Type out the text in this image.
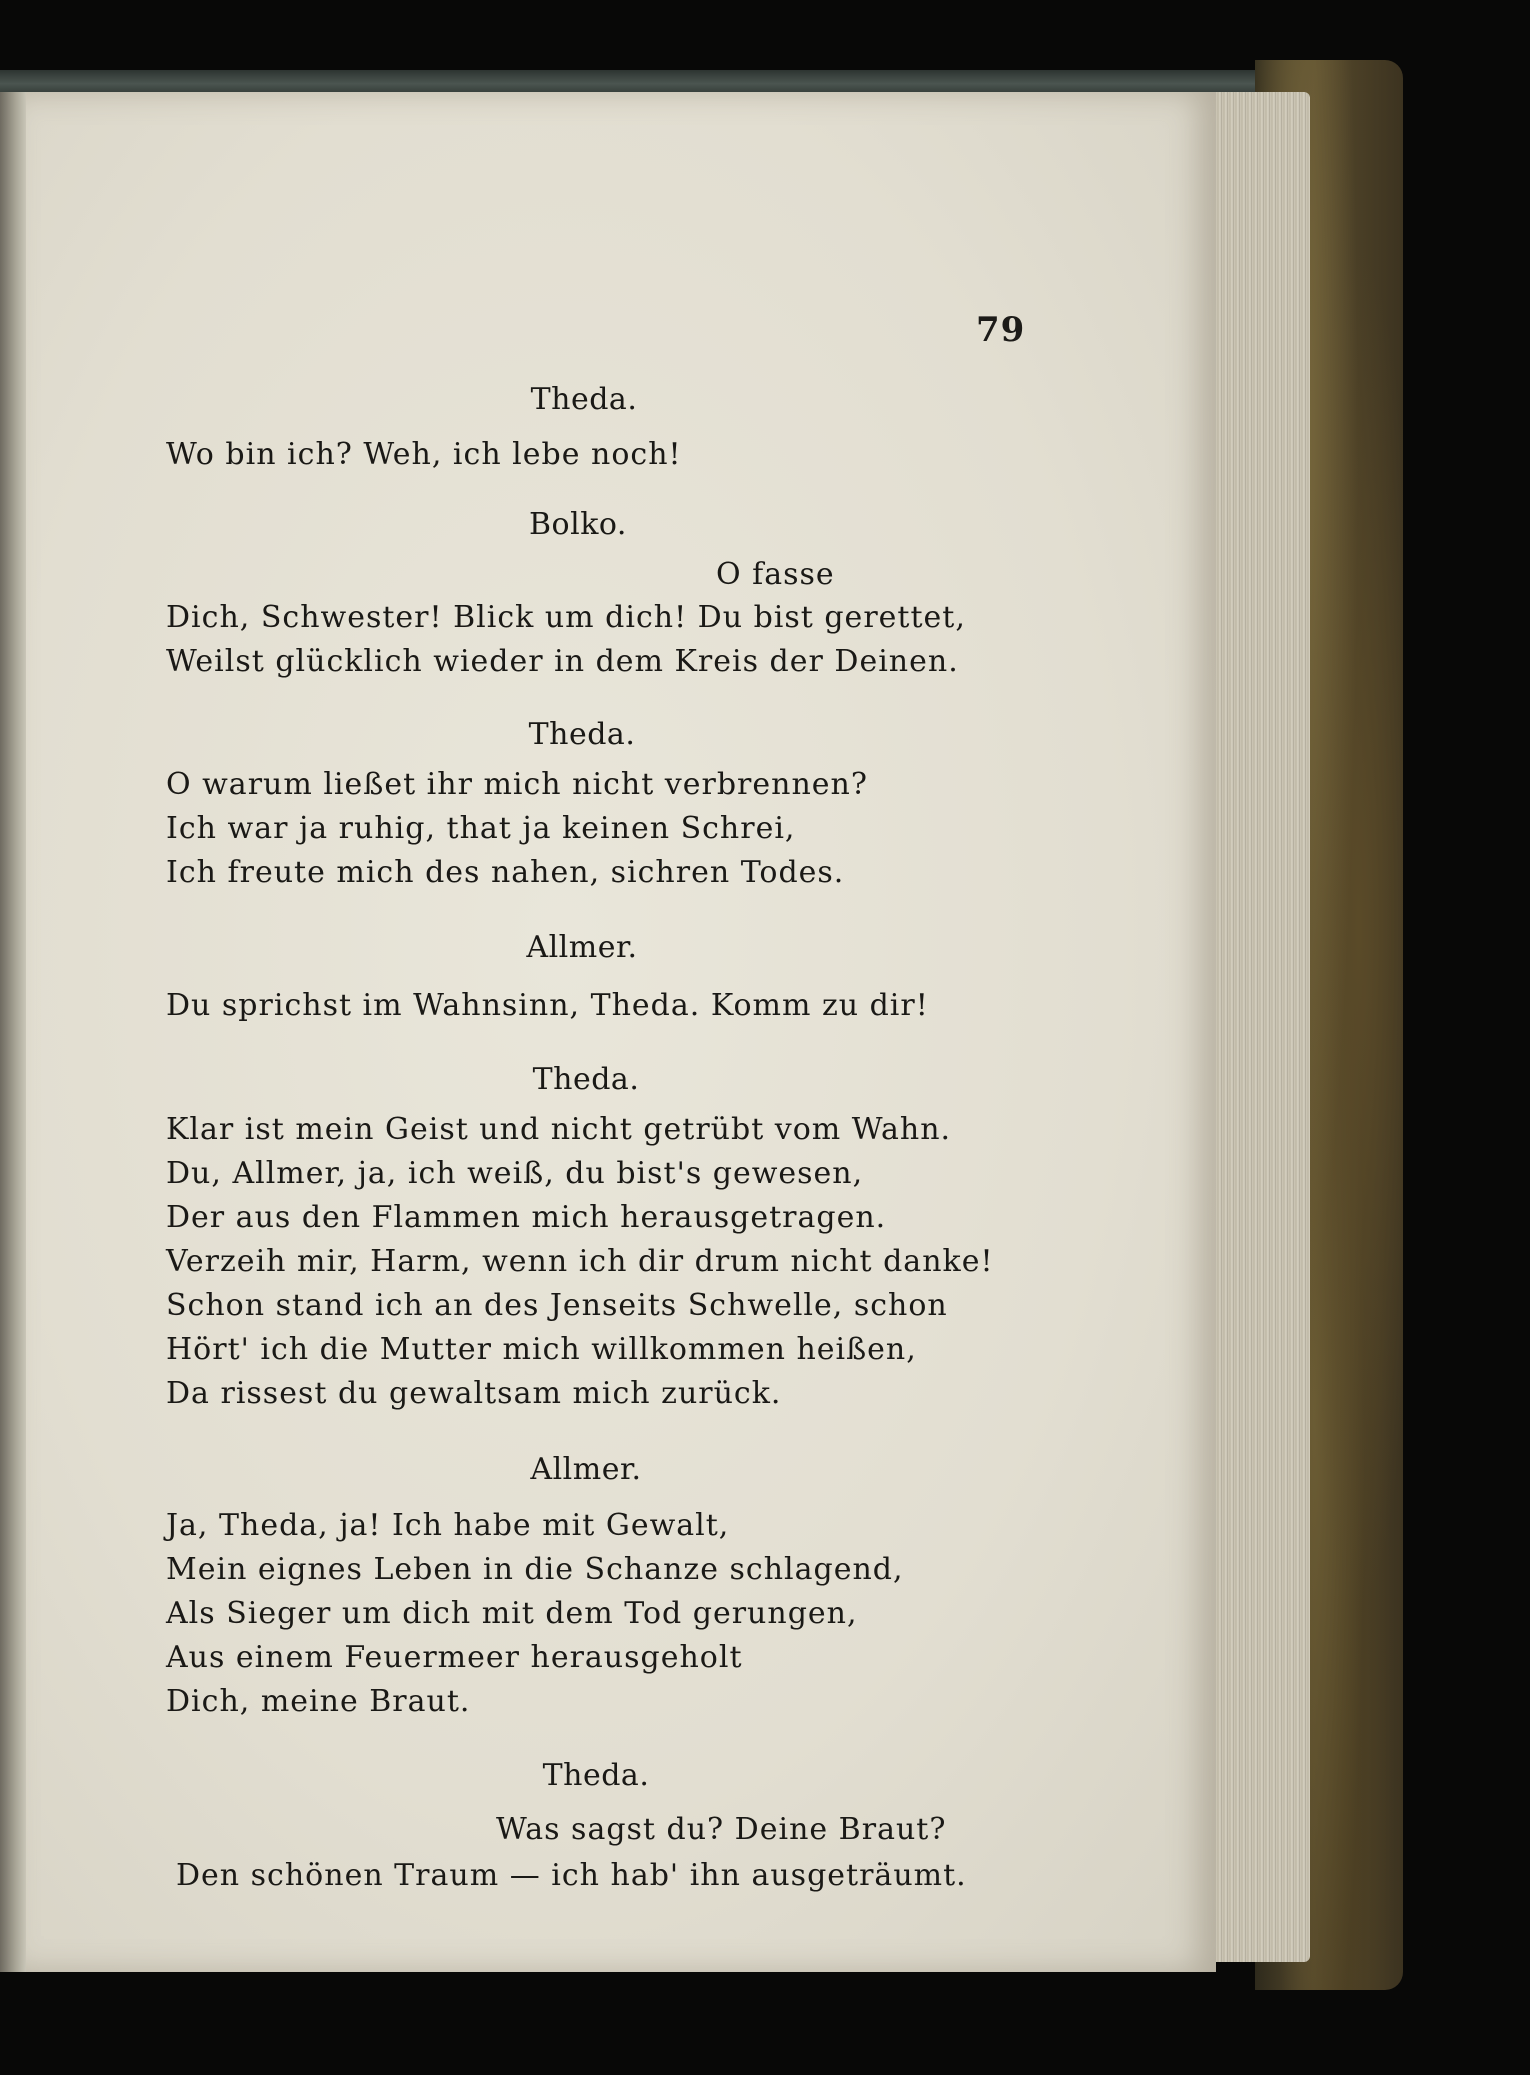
79
Theda.
Wo bin ich? Weh, ich lebe noch!
Bolko.
O fasse
Dich, Schwester! Blick um dich! Du bist gerettet,
Weilst glücklich wieder in dem Kreis der Deinen.
Theda.
O warum ließet ihr mich nicht verbrennen?
Ich war ja ruhig, that ja keinen Schrei,
Ich freute mich des nahen, sichren Todes.
Allmer.
Du sprichst im Wahnsinn, Theda. Komm zu dir!
Theda.
Klar ist mein Geist und nicht getrübt vom Wahn.
Du, Allmer, ja, ich weiß, du bist's gewesen,
Der aus den Flammen mich herausgetragen.
Verzeih mir, Harm, wenn ich dir drum nicht danke!
Schon stand ich an des Jenseits Schwelle, schon
Hört' ich die Mutter mich willkommen heißen,
Da rissest du gewaltsam mich zurück.
Allmer.
Ja, Theda, ja! Ich habe mit Gewalt,
Mein eignes Leben in die Schanze schlagend,
Als Sieger um dich mit dem Tod gerungen,
Aus einem Feuermeer herausgeholt
Dich, meine Braut.
Theda.
Was sagst du? Deine Braut?
Den schönen Traum — ich hab' ihn ausgeträumt.
